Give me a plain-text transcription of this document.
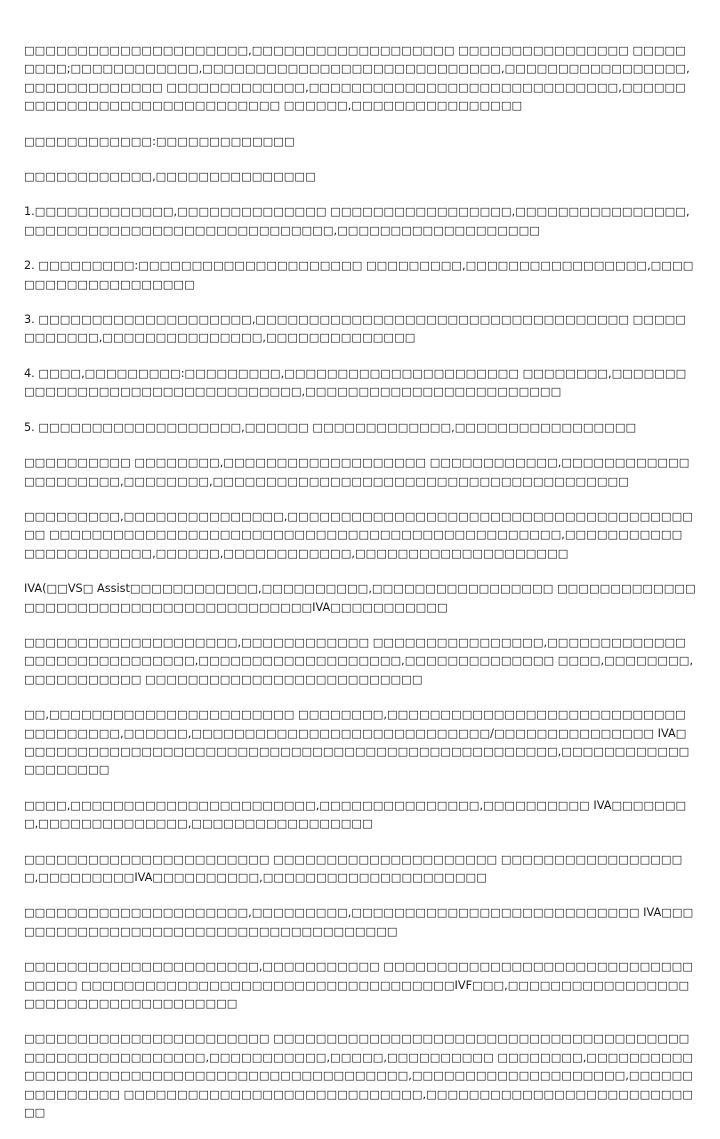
□□□□□□□□□□□□□□□□□□□□□,□□□□□□□□□□□□□□□□□□□ □□□□□□□□□□□□□□□□ □□□□□□□□□;□□□□□□□□□□□□,□□□□□□□□□□□□□□□□□□□□□□□□□□□□,□□□□□□□□□□□□□□□□□,□□□□□□□□□□□□□ □□□□□□□□□□□□□,□□□□□□□□□□□□□□□□□□□□□□□□□□□□□,□□□□□□□□□□□□□□□□□□□□□□□□□□□□□□ □□□□□□,□□□□□□□□□□□□□□□□

□□□□□□□□□□□□:□□□□□□□□□□□□□

□□□□□□□□□□□□,□□□□□□□□□□□□□□□

1.□□□□□□□□□□□□□,□□□□□□□□□□□□□□ □□□□□□□□□□□□□□□□□,□□□□□□□□□□□□□□□□,□□□□□□□□□□□□□□□□□□□□□□□□□□□□□,□□□□□□□□□□□□□□□□□□□

2. □□□□□□□□□:□□□□□□□□□□□□□□□□□□□□□ □□□□□□□□□,□□□□□□□□□□□□□□□□□,□□□□□□□□□□□□□□□□□□□□

3. □□□□□□□□□□□□□□□□□□□□,□□□□□□□□□□□□□□□□□□□□□□□□□□□□□□□□□□□ □□□□□□□□□□□□,□□□□□□□□□□□□□□□,□□□□□□□□□□□□□□

4. □□□□,□□□□□□□□□:□□□□□□□□□,□□□□□□□□□□□□□□□□□□□□□□ □□□□□□□□,□□□□□□□□□□□□□□□□□□□□□□□□□□□□□□□□□,□□□□□□□□□□□□□□□□□□□□□□□□

5. □□□□□□□□□□□□□□□□□□□,□□□□□□ □□□□□□□□□□□□□,□□□□□□□□□□□□□□□□□

□□□□□□□□□□ □□□□□□□□,□□□□□□□□□□□□□□□□□□□ □□□□□□□□□□□□,□□□□□□□□□□□□□□□□□□□□□,□□□□□□□□,□□□□□□□□□□□□□□□□□□□□□□□□□□□□□□□□□□□□□□□

□□□□□□□□□,□□□□□□□□□□□□□□□,□□□□□□□□□□□□□□□□□□□□□□□□□□□□□□□□□□□□□□□□ □□□□□□□□□□□□□□□□□□□□□□□□□□□□□□□□□□□□□□□□□□□□□□□□,□□□□□□□□□□□ □□□□□□□□□□□□,□□□□□□,□□□□□□□□□□□□,□□□□□□□□□□□□□□□□□□□□

IVA(□□VS□ Assist□□□□□□□□□□□□,□□□□□□□□□□,□□□□□□□□□□□□□□□□□ □□□□□□□□□□□□□□□□□□□□□□□□□□□□□□□□□□□□□□□□IVA□□□□□□□□□□□

□□□□□□□□□□□□□□□□□□□□,□□□□□□□□□□□□ □□□□□□□□□□□□□□□□,□□□□□□□□□□□□□□□□□□□□□□□□□□□□□,□□□□□□□□□□□□□□□□□□□,□□□□□□□□□□□□□□ □□□□,□□□□□□□□,□□□□□□□□□□□ □□□□□□□□□□□□□□□□□□□□□□□□□□

□□,□□□□□□□□□□□□□□□□□□□□□□□ □□□□□□□□,□□□□□□□□□□□□□□□□□□□□□□□□□□□□□□□□□□□□□,□□□□□□,□□□□□□□□□□□□□□□□□□□□□□□□□□□□/□□□□□□□□□□□□□□□ IVA□□□□□□□□□□□□□□□□□□□□□□□□□□□□□□□□□□□□□□□□□□□□□□□□□□□,□□□□□□□□□□□□□□□□□□□□

□□□□,□□□□□□□□□□□□□□□□□□□□□□□,□□□□□□□□□□□□□□□,□□□□□□□□□□ IVA□□□□□□□□,□□□□□□□□□□□□□□,□□□□□□□□□□□□□□□□□

□□□□□□□□□□□□□□□□□□□□□□□ □□□□□□□□□□□□□□□□□□□□□ □□□□□□□□□□□□□□□□□□,□□□□□□□□□IVA□□□□□□□□□□,□□□□□□□□□□□□□□□□□□□□□

□□□□□□□□□□□□□□□□□□□□□,□□□□□□□□□,□□□□□□□□□□□□□□□□□□□□□□□□□□□ IVA□□□□□□□□□□□□□□□□□□□□□□□□□□□□□□□□□□□□□□

□□□□□□□□□□□□□□□□□□□□□□,□□□□□□□□□□□ □□□□□□□□□□□□□□□□□□□□□□□□□□□□□□□□□□ □□□□□□□□□□□□□□□□□□□□□□□□□□□□□□□□□□□IVF□□□,□□□□□□□□□□□□□□□□□□□□□□□□□□□□□□□□□□□□□

□□□□□□□□□□□□□□□□□□□□□□□ □□□□□□□□□□□□□□□□□□□□□□□□□□□□□□□□□□□□□□□□□□□□□□□□□□□□□□□□,□□□□□□□□□□□,□□□□□,□□□□□□□□□□ □□□□□□□□,□□□□□□□□□□□□□□□□□□□□□□□□□□□□□□□□□□□□□□□□□□□□□□,□□□□□□□□□□□□□□□□□□□□,□□□□□□□□□□□□□□□ □□□□□□□□□□□□□□□□□□□□□□□□□□□□,□□□□□□□□□□□□□□□□□□□□□□□□□□□
